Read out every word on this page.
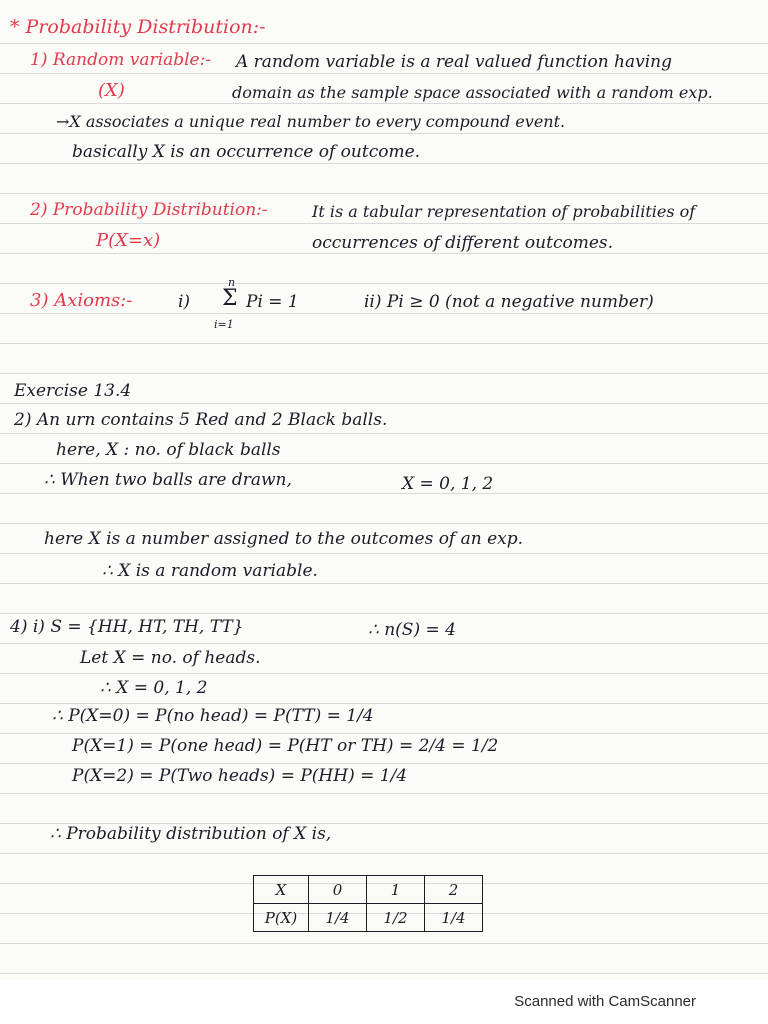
* Probability Distribution:-
1) Random variable:- A random variable is a real valued function having
(X)	domain as the sample space associated with a random exp.
→X associates a unique real number to every compound event.
basically X is an occurrence of outcome.
2) Probability Distribution:-	It is a tabular representation of probabilities of
P(X=x)	occurrences of different outcomes.
3) Axioms:-	i)
n
Σ
i=1
Pi = 1	ii) Pi ≥ 0 (not a negative number)
Exercise 13.4
2) An urn contains 5 Red and 2 Black balls.
here, X : no. of black balls
∴ When two balls are drawn,	X = 0, 1, 2
here X is a number assigned to the outcomes of an exp.
∴ X is a random variable.
4) i) S = {HH, HT, TH, TT}	∴ n(S) = 4
Let X = no. of heads.
∴ X = 0, 1, 2
∴ P(X=0) = P(no head) = P(TT) = 1/4
P(X=1) = P(one head) = P(HT or TH) = 2/4 = 1/2
P(X=2) = P(Two heads) = P(HH) = 1/4
∴ Probability distribution of X is,
X	0	1	2
P(X)	1/4	1/2	1/4
Scanned with CamScanner
